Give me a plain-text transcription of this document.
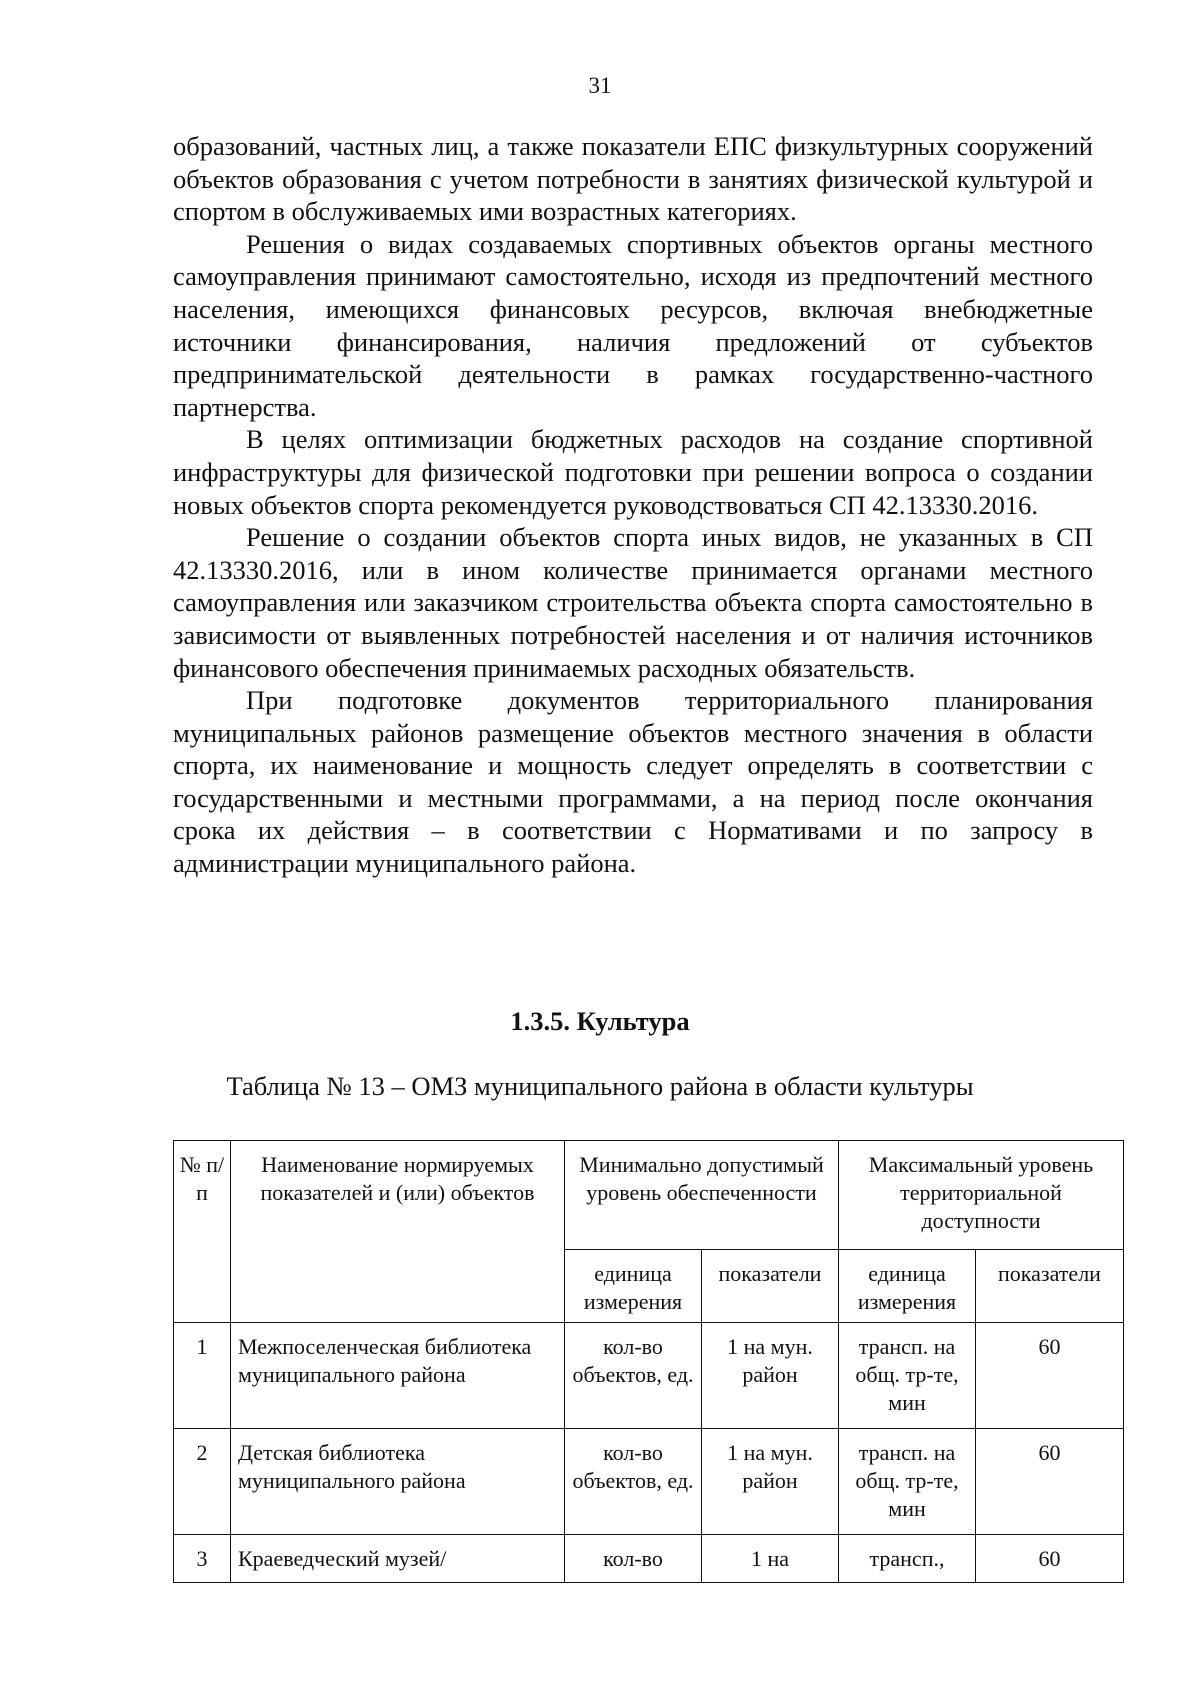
31

образований, частных лиц, а также показатели ЕПС физкультурных сооружений объектов образования с учетом потребности в занятиях физической культурой и спортом в обслуживаемых ими возрастных категориях.

Решения о видах создаваемых спортивных объектов органы местного самоуправления принимают самостоятельно, исходя из предпочтений местного населения, имеющихся финансовых ресурсов, включая внебюджетные источники финансирования, наличия предложений от субъектов предпринимательской деятельности в рамках государственно-частного партнерства.

В целях оптимизации бюджетных расходов на создание спортивной инфраструктуры для физической подготовки при решении вопроса о создании новых объектов спорта рекомендуется руководствоваться СП 42.13330.2016.

Решение о создании объектов спорта иных видов, не указанных в СП 42.13330.2016, или в ином количестве принимается органами местного самоуправления или заказчиком строительства объекта спорта самостоятельно в зависимости от выявленных потребностей населения и от наличия источников финансового обеспечения принимаемых расходных обязательств.

При подготовке документов территориального планирования муниципальных районов размещение объектов местного значения в области спорта, их наименование и мощность следует определять в соответствии с государственными и местными программами, а на период после окончания срока их действия – в соответствии с Нормативами и по запросу в администрации муниципального района.

1.3.5. Культура
Таблица № 13 – ОМЗ муниципального района в области культуры
№ п/п	Наименование нормируемых показателей и (или) объектов	Минимально допустимый уровень обеспеченности		Максимальный уровень территориальной доступности	
		единица измерения	показатели	единица измерения	показатели
1	Межпоселенческая библиотека муниципального района	кол-во объектов, ед.	1 на мун. район	трансп. на общ. тр-те, мин	60
2	Детская библиотека муниципального района	кол-во объектов, ед.	1 на мун. район	трансп. на общ. тр-те, мин	60
3	Краеведческий музей/	кол-во	1 на	трансп.,	60
